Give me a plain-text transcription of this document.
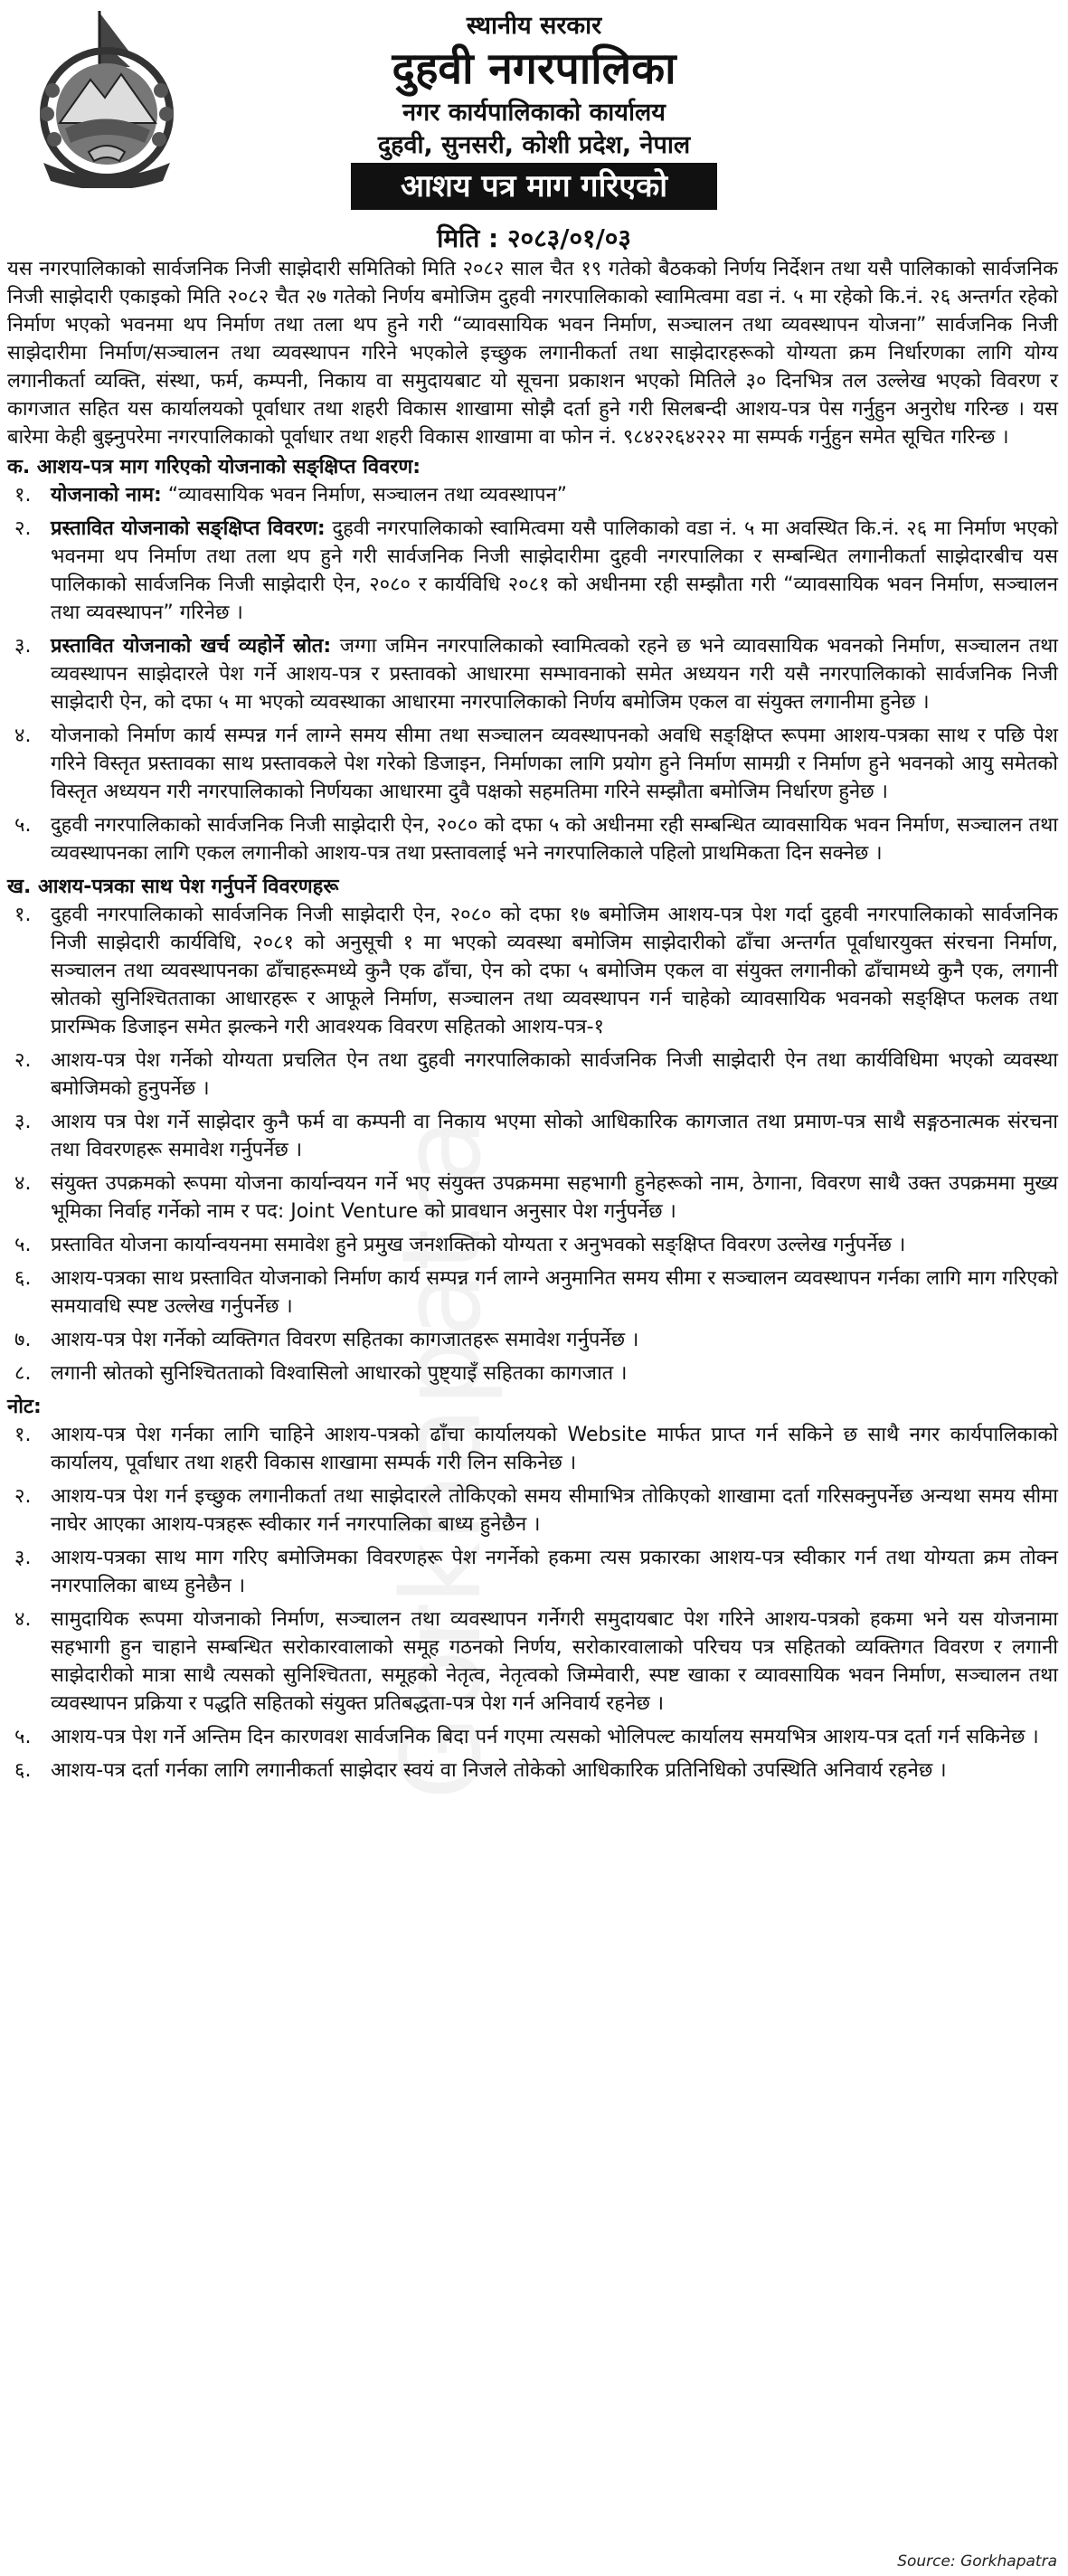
स्थानीय सरकार
दुहवी नगरपालिका
नगर कार्यपालिकाको कार्यालय
दुहवी, सुनसरी, कोशी प्रदेश, नेपाल
आशय पत्र माग गरिएको
मिति : २०८३/०१/०३

यस नगरपालिकाको सार्वजनिक निजी साझेदारी समितिको मिति २०८२ साल चैत १९ गतेको बैठकको निर्णय निर्देशन तथा यसै पालिकाको सार्वजनिक निजी साझेदारी एकाइको मिति २०८२ चैत २७ गतेको निर्णय बमोजिम दुहवी नगरपालिकाको स्वामित्वमा वडा नं. ५ मा रहेको कि.नं. २६ अन्तर्गत रहेको निर्माण भएको भवनमा थप निर्माण तथा तला थप हुने गरी “व्यावसायिक भवन निर्माण, सञ्चालन तथा व्यवस्थापन योजना” सार्वजनिक निजी साझेदारीमा निर्माण/सञ्चालन तथा व्यवस्थापन गरिने भएकोले इच्छुक लगानीकर्ता तथा साझेदारहरूको योग्यता क्रम निर्धारणका लागि योग्य लगानीकर्ता व्यक्ति, संस्था, फर्म, कम्पनी, निकाय वा समुदायबाट यो सूचना प्रकाशन भएको मितिले ३० दिनभित्र तल उल्लेख भएको विवरण र कागजात सहित यस कार्यालयको पूर्वाधार तथा शहरी विकास शाखामा सोझै दर्ता हुने गरी सिलबन्दी आशय-पत्र पेस गर्नुहुन अनुरोध गरिन्छ । यस बारेमा केही बुझ्नुपरेमा नगरपालिकाको पूर्वाधार तथा शहरी विकास शाखामा वा फोन नं. ९८४२२६४२२२ मा सम्पर्क गर्नुहुन समेत सूचित गरिन्छ ।

क. आशय-पत्र माग गरिएको योजनाको सङ्क्षिप्त विवरण:

१. योजनाको नाम: “व्यावसायिक भवन निर्माण, सञ्चालन तथा व्यवस्थापन”
२. प्रस्तावित योजनाको सङ्क्षिप्त विवरण: दुहवी नगरपालिकाको स्वामित्वमा यसै पालिकाको वडा नं. ५ मा अवस्थित कि.नं. २६ मा निर्माण भएको भवनमा थप निर्माण तथा तला थप हुने गरी सार्वजनिक निजी साझेदारीमा दुहवी नगरपालिका र सम्बन्धित लगानीकर्ता साझेदारबीच यस पालिकाको सार्वजनिक निजी साझेदारी ऐन, २०८० र कार्यविधि २०८१ को अधीनमा रही सम्झौता गरी “व्यावसायिक भवन निर्माण, सञ्चालन तथा व्यवस्थापन” गरिनेछ ।
३. प्रस्तावित योजनाको खर्च व्यहोर्ने स्रोत: जग्गा जमिन नगरपालिकाको स्वामित्वको रहने छ भने व्यावसायिक भवनको निर्माण, सञ्चालन तथा व्यवस्थापन साझेदारले पेश गर्ने आशय-पत्र र प्रस्तावको आधारमा सम्भावनाको समेत अध्ययन गरी यसै नगरपालिकाको सार्वजनिक निजी साझेदारी ऐन, को दफा ५ मा भएको व्यवस्थाका आधारमा नगरपालिकाको निर्णय बमोजिम एकल वा संयुक्त लगानीमा हुनेछ ।
४. योजनाको निर्माण कार्य सम्पन्न गर्न लाग्ने समय सीमा तथा सञ्चालन व्यवस्थापनको अवधि सङ्क्षिप्त रूपमा आशय-पत्रका साथ र पछि पेश गरिने विस्तृत प्रस्तावका साथ प्रस्तावकले पेश गरेको डिजाइन, निर्माणका लागि प्रयोग हुने निर्माण सामग्री र निर्माण हुने भवनको आयु समेतको विस्तृत अध्ययन गरी नगरपालिकाको निर्णयका आधारमा दुवै पक्षको सहमतिमा गरिने सम्झौता बमोजिम निर्धारण हुनेछ ।
५. दुहवी नगरपालिकाको सार्वजनिक निजी साझेदारी ऐन, २०८० को दफा ५ को अधीनमा रही सम्बन्धित व्यावसायिक भवन निर्माण, सञ्चालन तथा व्यवस्थापनका लागि एकल लगानीको आशय-पत्र तथा प्रस्तावलाई भने नगरपालिकाले पहिलो प्राथमिकता दिन सक्नेछ ।

ख. आशय-पत्रका साथ पेश गर्नुपर्ने विवरणहरू

१. दुहवी नगरपालिकाको सार्वजनिक निजी साझेदारी ऐन, २०८० को दफा १७ बमोजिम आशय-पत्र पेश गर्दा दुहवी नगरपालिकाको सार्वजनिक निजी साझेदारी कार्यविधि, २०८१ को अनुसूची १ मा भएको व्यवस्था बमोजिम साझेदारीको ढाँचा अन्तर्गत पूर्वाधारयुक्त संरचना निर्माण, सञ्चालन तथा व्यवस्थापनका ढाँचाहरूमध्ये कुनै एक ढाँचा, ऐन को दफा ५ बमोजिम एकल वा संयुक्त लगानीको ढाँचामध्ये कुनै एक, लगानी स्रोतको सुनिश्चितताका आधारहरू र आफूले निर्माण, सञ्चालन तथा व्यवस्थापन गर्न चाहेको व्यावसायिक भवनको सङ्क्षिप्त फलक तथा प्रारम्भिक डिजाइन समेत झल्कने गरी आवश्यक विवरण सहितको आशय-पत्र-१
२. आशय-पत्र पेश गर्नेको योग्यता प्रचलित ऐन तथा दुहवी नगरपालिकाको सार्वजनिक निजी साझेदारी ऐन तथा कार्यविधिमा भएको व्यवस्था बमोजिमको हुनुपर्नेछ ।
३. आशय पत्र पेश गर्ने साझेदार कुनै फर्म वा कम्पनी वा निकाय भएमा सोको आधिकारिक कागजात तथा प्रमाण-पत्र साथै सङ्गठनात्मक संरचना तथा विवरणहरू समावेश गर्नुपर्नेछ ।
४. संयुक्त उपक्रमको रूपमा योजना कार्यान्वयन गर्ने भए संयुक्त उपक्रममा सहभागी हुनेहरूको नाम, ठेगाना, विवरण साथै उक्त उपक्रममा मुख्य भूमिका निर्वाह गर्नेको नाम र पद: Joint Venture को प्रावधान अनुसार पेश गर्नुपर्नेछ ।
५. प्रस्तावित योजना कार्यान्वयनमा समावेश हुने प्रमुख जनशक्तिको योग्यता र अनुभवको सङ्क्षिप्त विवरण उल्लेख गर्नुपर्नेछ ।
६. आशय-पत्रका साथ प्रस्तावित योजनाको निर्माण कार्य सम्पन्न गर्न लाग्ने अनुमानित समय सीमा र सञ्चालन व्यवस्थापन गर्नका लागि माग गरिएको समयावधि स्पष्ट उल्लेख गर्नुपर्नेछ ।
७. आशय-पत्र पेश गर्नेको व्यक्तिगत विवरण सहितका कागजातहरू समावेश गर्नुपर्नेछ ।
८. लगानी स्रोतको सुनिश्चितताको विश्वासिलो आधारको पुष्ट्याइँ सहितका कागजात ।

नोट:

१. आशय-पत्र पेश गर्नका लागि चाहिने आशय-पत्रको ढाँचा कार्यालयको Website मार्फत प्राप्त गर्न सकिने छ साथै नगर कार्यपालिकाको कार्यालय, पूर्वाधार तथा शहरी विकास शाखामा सम्पर्क गरी लिन सकिनेछ ।
२. आशय-पत्र पेश गर्न इच्छुक लगानीकर्ता तथा साझेदारले तोकिएको समय सीमाभित्र तोकिएको शाखामा दर्ता गरिसक्नुपर्नेछ अन्यथा समय सीमा नाघेर आएका आशय-पत्रहरू स्वीकार गर्न नगरपालिका बाध्य हुनेछैन ।
३. आशय-पत्रका साथ माग गरिए बमोजिमका विवरणहरू पेश नगर्नेको हकमा त्यस प्रकारका आशय-पत्र स्वीकार गर्न तथा योग्यता क्रम तोक्न नगरपालिका बाध्य हुनेछैन ।
४. सामुदायिक रूपमा योजनाको निर्माण, सञ्चालन तथा व्यवस्थापन गर्नेगरी समुदायबाट पेश गरिने आशय-पत्रको हकमा भने यस योजनामा सहभागी हुन चाहाने सम्बन्धित सरोकारवालाको समूह गठनको निर्णय, सरोकारवालाको परिचय पत्र सहितको व्यक्तिगत विवरण र लगानी साझेदारीको मात्रा साथै त्यसको सुनिश्चितता, समूहको नेतृत्व, नेतृत्वको जिम्मेवारी, स्पष्ट खाका र व्यावसायिक भवन निर्माण, सञ्चालन तथा व्यवस्थापन प्रक्रिया र पद्धति सहितको संयुक्त प्रतिबद्धता-पत्र पेश गर्न अनिवार्य रहनेछ ।
५. आशय-पत्र पेश गर्ने अन्तिम दिन कारणवश सार्वजनिक बिदा पर्न गएमा त्यसको भोलिपल्ट कार्यालय समयभित्र आशय-पत्र दर्ता गर्न सकिनेछ ।
६. आशय-पत्र दर्ता गर्नका लागि लगानीकर्ता साझेदार स्वयं वा निजले तोकेको आधिकारिक प्रतिनिधिको उपस्थिति अनिवार्य रहनेछ ।
Gorkhapatra
Source: Gorkhapatra
